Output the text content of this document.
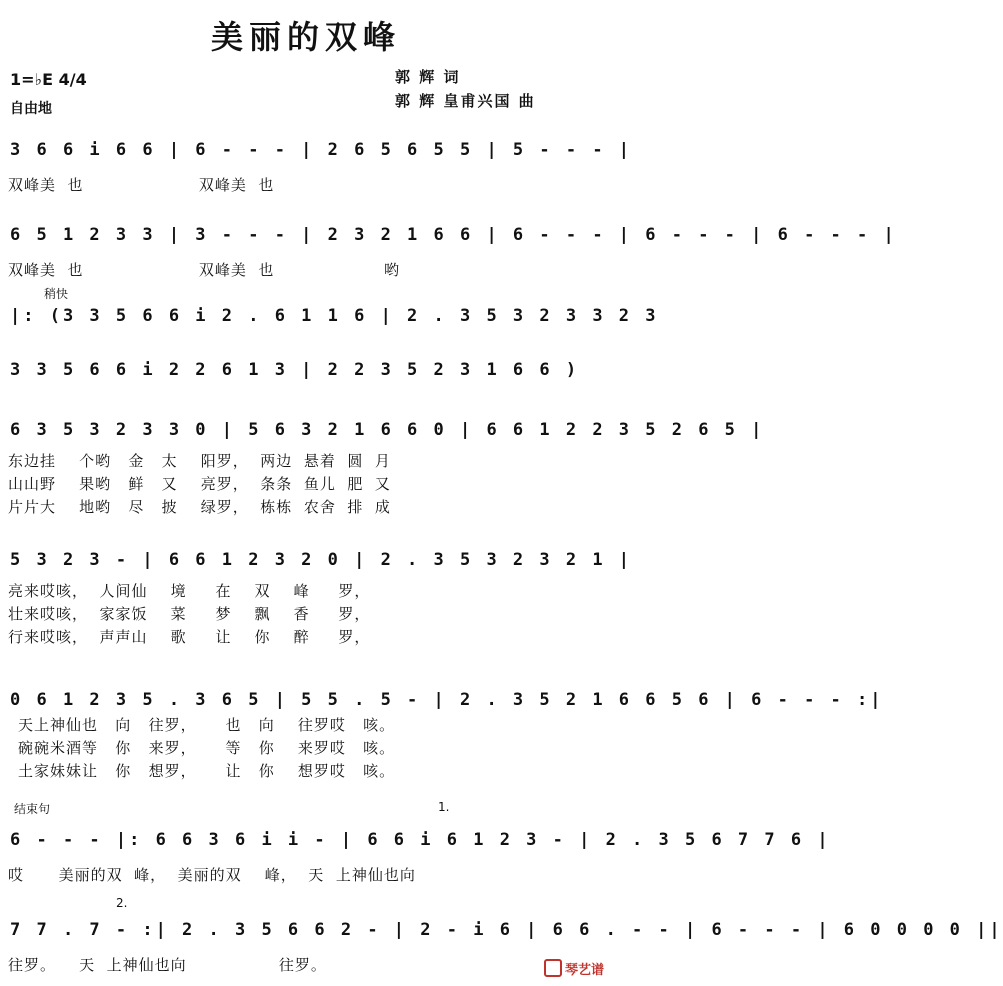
美丽的双峰
1=♭E 4/4
自由地
郭 辉 词
郭 辉 皇甫兴国 曲
3 6 6 i 6 6 | 6 - - - | 2 6 5 6 5 5 | 5 - - - |
双峰美  也                    双峰美  也
6 5 1 2 3 3 | 3 - - - | 2 3 2 1 6 6 | 6 - - - | 6 - - - | 6 - - - |
双峰美  也                    双峰美  也                   哟
稍快
|: (3 3 5 6 6 i 2 . 6 1 1 6 | 2 . 3 5 3 2 3 3 2 3
3 3 5 6 6 i 2 2 6 1 3 | 2 2 3 5 2 3 1 6 6 )
6 3 5 3 2 3 3 0 | 5 6 3 2 1 6 6 0 | 6 6 1 2 2 3 5 2 6 5 |
东边挂    个哟   金   太    阳罗，  两边  悬着  圆  月
山山野    果哟   鲜   又    亮罗，  条条  鱼儿  肥  又
片片大    地哟   尽   披    绿罗，  栋栋  农舍  排  成
5 3 2 3 - | 6 6 1 2 3 2 0 | 2 . 3 5 3 2 3 2 1 |
亮来哎咳，  人间仙    境     在    双    峰     罗，
壮来哎咳，  家家饭    菜     梦    飘    香     罗，
行来哎咳，  声声山    歌     让    你    醉     罗，
0 6 1 2 3 5 . 3 6 5 | 5 5 . 5 - | 2 . 3 5 2 1 6 6 5 6 | 6 - - - :|
天上神仙也   向   往罗，     也   向    往罗哎   咳。
碗碗米酒等   你   来罗，     等   你    来罗哎   咳。
土家妹妹让   你   想罗，     让   你    想罗哎   咳。
结束句	1.
6 - - - |: 6 6 3 6 i i - | 6 6 i 6 1 2 3 - | 2 . 3 5 6 7 7 6 |
哎      美丽的双  峰，  美丽的双    峰，  天  上神仙也向
2.
7 7 . 7 - :| 2 . 3 5 6 6 2 - | 2 - i 6 | 6 6 . - - | 6 - - - | 6 0 0 0 0 ||
往罗。    天  上神仙也向                往罗。	琴艺谱
